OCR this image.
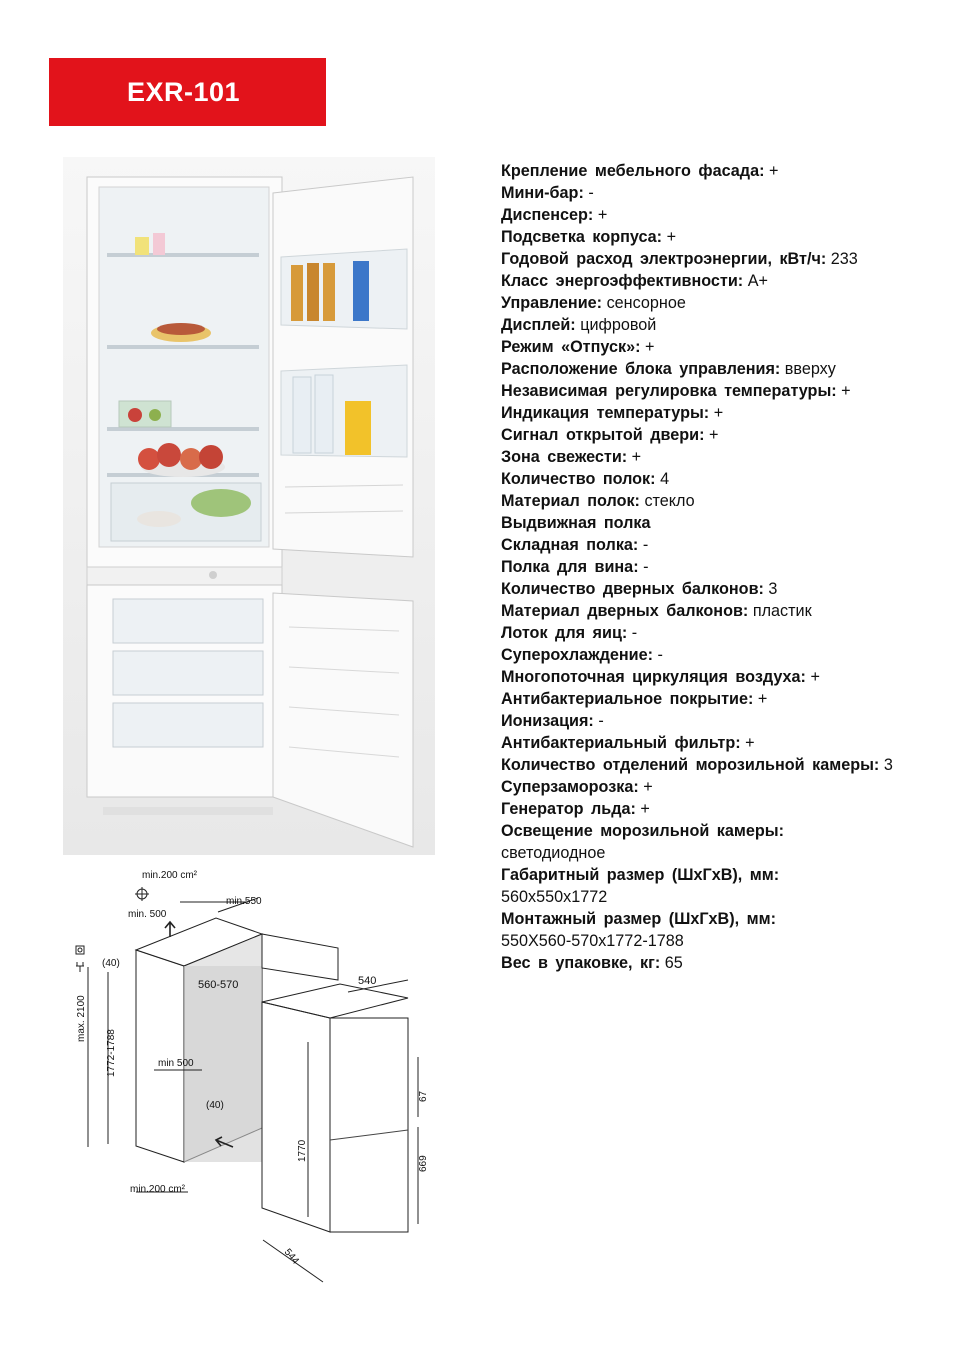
EXR-101
min.200 cm²
min. 500
min.550
(40)
560-570
min 500
(40)
min.200 cm²
540
max. 2100
1772-1788
1770
67
669
544

Крепление мебельного фасада: +

Мини-бар: -

Диспенсер: +

Подсветка корпуса: +

Годовой расход электроэнергии, кВт/ч: 233

Класс энергоэффективности: А+

Управление: сенсорное

Дисплей: цифровой

Режим «Отпуск»: +

Расположение блока управления: вверху

Независимая регулировка температуры: +

Индикация температуры: +

Сигнал открытой двери: +

Зона свежести: +

Количество полок: 4

Материал полок: стекло

Выдвижная полка

Складная полка: -

Полка для вина: -

Количество дверных балконов: 3

Материал дверных балконов: пластик

Лоток для яиц: -

Суперохлаждение: -

Многопоточная циркуляция воздуха: +

Антибактериальное покрытие: +

Ионизация: -

Антибактериальный фильтр: +

Количество отделений морозильной камеры: 3

Суперзаморозка: +

Генератор льда: +

Освещение морозильной камеры:
светодиодное

Габаритный размер (ШхГхВ), мм:
560x550x1772

Монтажный размер (ШхГхВ), мм:
550X560-570x1772-1788

Вес в упаковке, кг: 65
